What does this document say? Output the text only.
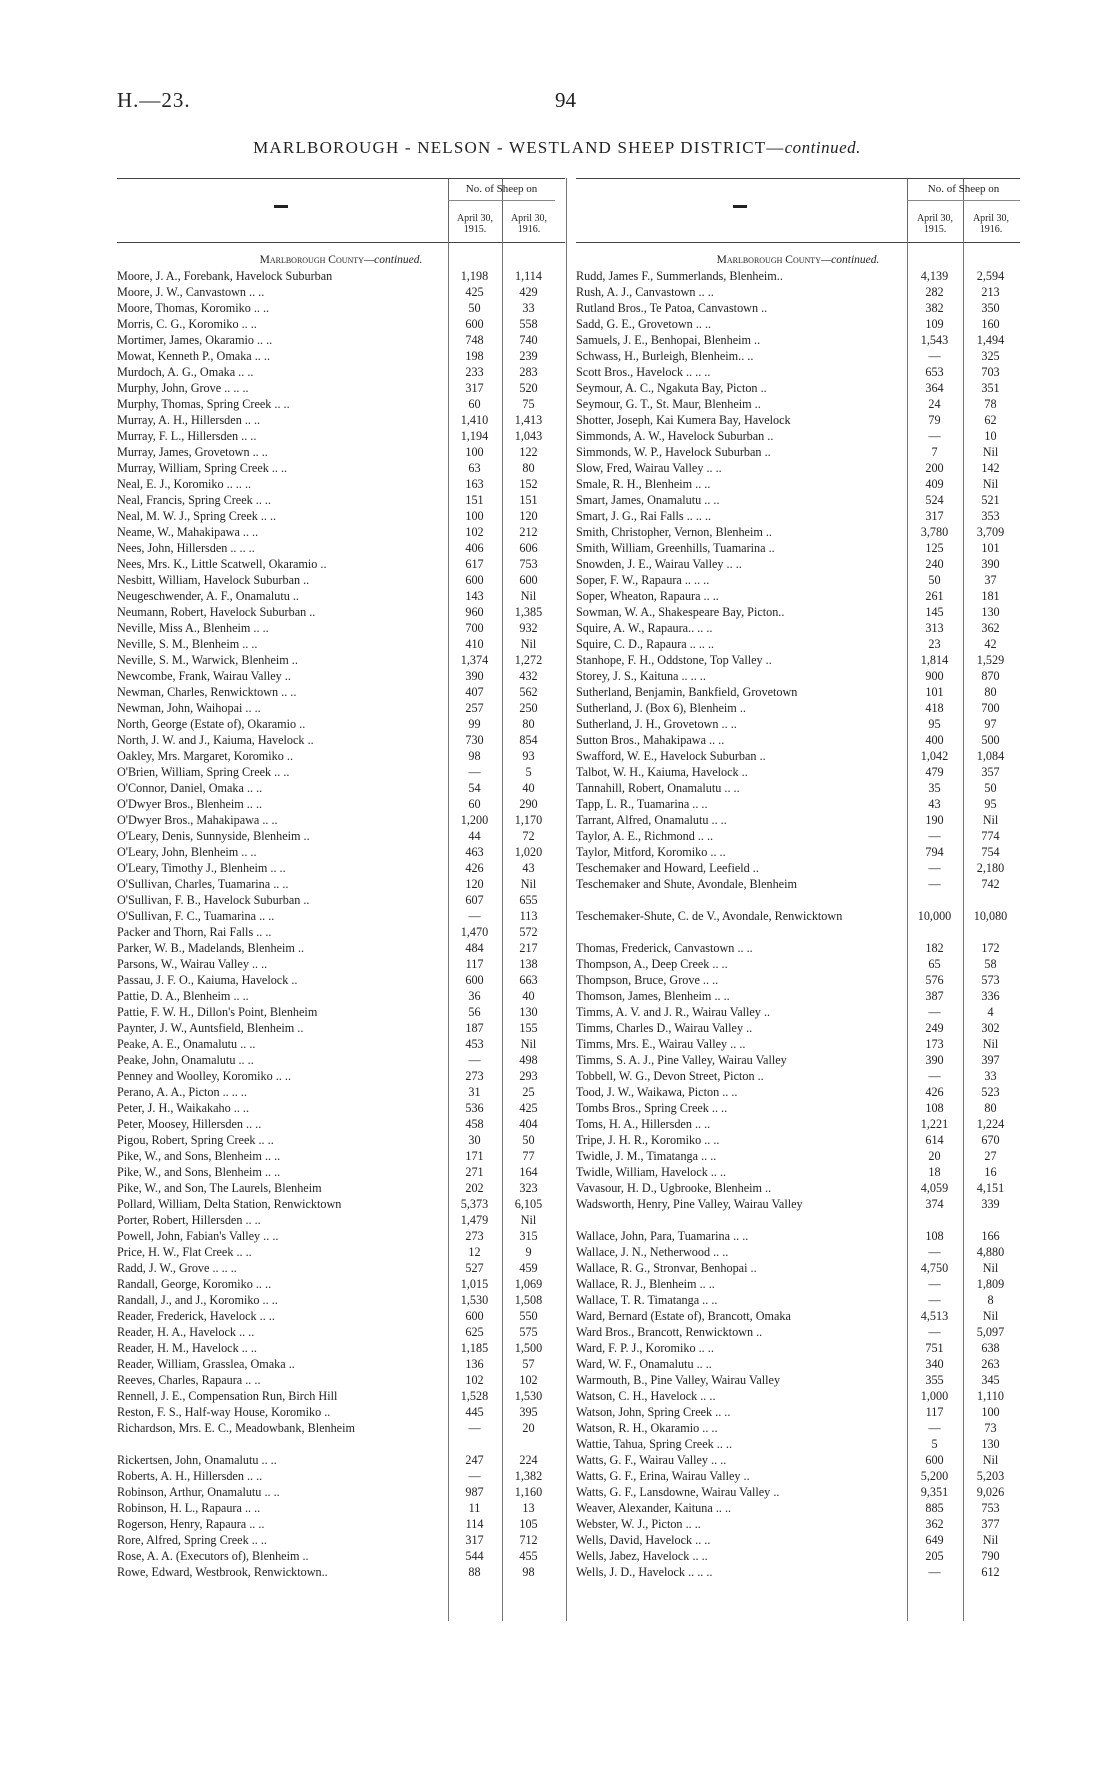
H.—23.	94
MARLBOROUGH - NELSON - WESTLAND SHEEP DISTRICT—continued.
No. of Sheep on
April 30,
1915.
April 30,
1916.
Marlborough County—continued.
Moore, J. A., Forebank, Havelock Suburban	1,198	1,114
Moore, J. W., Canvastown .. ..	425	429
Moore, Thomas, Koromiko .. ..	50	33
Morris, C. G., Koromiko .. ..	600	558
Mortimer, James, Okaramio .. ..	748	740
Mowat, Kenneth P., Omaka .. ..	198	239
Murdoch, A. G., Omaka .. ..	233	283
Murphy, John, Grove .. .. ..	317	520
Murphy, Thomas, Spring Creek .. ..	60	75
Murray, A. H., Hillersden .. ..	1,410	1,413
Murray, F. L., Hillersden .. ..	1,194	1,043
Murray, James, Grovetown .. ..	100	122
Murray, William, Spring Creek .. ..	63	80
Neal, E. J., Koromiko .. .. ..	163	152
Neal, Francis, Spring Creek .. ..	151	151
Neal, M. W. J., Spring Creek .. ..	100	120
Neame, W., Mahakipawa .. ..	102	212
Nees, John, Hillersden .. .. ..	406	606
Nees, Mrs. K., Little Scatwell, Okaramio ..	617	753
Nesbitt, William, Havelock Suburban ..	600	600
Neugeschwender, A. F., Onamalutu ..	143	Nil
Neumann, Robert, Havelock Suburban ..	960	1,385
Neville, Miss A., Blenheim .. ..	700	932
Neville, S. M., Blenheim .. ..	410	Nil
Neville, S. M., Warwick, Blenheim ..	1,374	1,272
Newcombe, Frank, Wairau Valley ..	390	432
Newman, Charles, Renwicktown .. ..	407	562
Newman, John, Waihopai .. ..	257	250
North, George (Estate of), Okaramio ..	99	80
North, J. W. and J., Kaiuma, Havelock ..	730	854
Oakley, Mrs. Margaret, Koromiko ..	98	93
O'Brien, William, Spring Creek .. ..	—	5
O'Connor, Daniel, Omaka .. ..	54	40
O'Dwyer Bros., Blenheim .. ..	60	290
O'Dwyer Bros., Mahakipawa .. ..	1,200	1,170
O'Leary, Denis, Sunnyside, Blenheim ..	44	72
O'Leary, John, Blenheim .. ..	463	1,020
O'Leary, Timothy J., Blenheim .. ..	426	43
O'Sullivan, Charles, Tuamarina .. ..	120	Nil
O'Sullivan, F. B., Havelock Suburban ..	607	655
O'Sullivan, F. C., Tuamarina .. ..	—	113
Packer and Thorn, Rai Falls .. ..	1,470	572
Parker, W. B., Madelands, Blenheim ..	484	217
Parsons, W., Wairau Valley .. ..	117	138
Passau, J. F. O., Kaiuma, Havelock ..	600	663
Pattie, D. A., Blenheim .. ..	36	40
Pattie, F. W. H., Dillon's Point, Blenheim	56	130
Paynter, J. W., Auntsfield, Blenheim ..	187	155
Peake, A. E., Onamalutu .. ..	453	Nil
Peake, John, Onamalutu .. ..	—	498
Penney and Woolley, Koromiko .. ..	273	293
Perano, A. A., Picton .. .. ..	31	25
Peter, J. H., Waikakaho .. ..	536	425
Peter, Moosey, Hillersden .. ..	458	404
Pigou, Robert, Spring Creek .. ..	30	50
Pike, W., and Sons, Blenheim .. ..	171	77
Pike, W., and Sons, Blenheim .. ..	271	164
Pike, W., and Son, The Laurels, Blenheim	202	323
Pollard, William, Delta Station, Renwicktown	5,373	6,105
Porter, Robert, Hillersden .. ..	1,479	Nil
Powell, John, Fabian's Valley .. ..	273	315
Price, H. W., Flat Creek .. ..	12	9
Radd, J. W., Grove .. .. ..	527	459
Randall, George, Koromiko .. ..	1,015	1,069
Randall, J., and J., Koromiko .. ..	1,530	1,508
Reader, Frederick, Havelock .. ..	600	550
Reader, H. A., Havelock .. ..	625	575
Reader, H. M., Havelock .. ..	1,185	1,500
Reader, William, Grasslea, Omaka ..	136	57
Reeves, Charles, Rapaura .. ..	102	102
Rennell, J. E., Compensation Run, Birch Hill	1,528	1,530
Reston, F. S., Half-way House, Koromiko ..	445	395
Richardson, Mrs. E. C., Meadowbank, Blenheim	—	20
Rickertsen, John, Onamalutu .. ..	247	224
Roberts, A. H., Hillersden .. ..	—	1,382
Robinson, Arthur, Onamalutu .. ..	987	1,160
Robinson, H. L., Rapaura .. ..	11	13
Rogerson, Henry, Rapaura .. ..	114	105
Rore, Alfred, Spring Creek .. ..	317	712
Rose, A. A. (Executors of), Blenheim ..	544	455
Rowe, Edward, Westbrook, Renwicktown..	88	98
No. of Sheep on
April 30,
1915.
April 30,
1916.
Marlborough County—continued.
Rudd, James F., Summerlands, Blenheim..	4,139	2,594
Rush, A. J., Canvastown .. ..	282	213
Rutland Bros., Te Patoa, Canvastown ..	382	350
Sadd, G. E., Grovetown .. ..	109	160
Samuels, J. E., Benhopai, Blenheim ..	1,543	1,494
Schwass, H., Burleigh, Blenheim.. ..	—	325
Scott Bros., Havelock .. .. ..	653	703
Seymour, A. C., Ngakuta Bay, Picton ..	364	351
Seymour, G. T., St. Maur, Blenheim ..	24	78
Shotter, Joseph, Kai Kumera Bay, Havelock	79	62
Simmonds, A. W., Havelock Suburban ..	—	10
Simmonds, W. P., Havelock Suburban ..	7	Nil
Slow, Fred, Wairau Valley .. ..	200	142
Smale, R. H., Blenheim .. ..	409	Nil
Smart, James, Onamalutu .. ..	524	521
Smart, J. G., Rai Falls .. .. ..	317	353
Smith, Christopher, Vernon, Blenheim ..	3,780	3,709
Smith, William, Greenhills, Tuamarina ..	125	101
Snowden, J. E., Wairau Valley .. ..	240	390
Soper, F. W., Rapaura .. .. ..	50	37
Soper, Wheaton, Rapaura .. ..	261	181
Sowman, W. A., Shakespeare Bay, Picton..	145	130
Squire, A. W., Rapaura.. .. ..	313	362
Squire, C. D., Rapaura .. .. ..	23	42
Stanhope, F. H., Oddstone, Top Valley ..	1,814	1,529
Storey, J. S., Kaituna .. .. ..	900	870
Sutherland, Benjamin, Bankfield, Grovetown	101	80
Sutherland, J. (Box 6), Blenheim ..	418	700
Sutherland, J. H., Grovetown .. ..	95	97
Sutton Bros., Mahakipawa .. ..	400	500
Swafford, W. E., Havelock Suburban ..	1,042	1,084
Talbot, W. H., Kaiuma, Havelock ..	479	357
Tannahill, Robert, Onamalutu .. ..	35	50
Tapp, L. R., Tuamarina .. ..	43	95
Tarrant, Alfred, Onamalutu .. ..	190	Nil
Taylor, A. E., Richmond .. ..	—	774
Taylor, Mitford, Koromiko .. ..	794	754
Teschemaker and Howard, Leefield ..	—	2,180
Teschemaker and Shute, Avondale, Blenheim	—	742
Teschemaker-Shute, C. de V., Avondale, Renwicktown	10,000	10,080
Thomas, Frederick, Canvastown .. ..	182	172
Thompson, A., Deep Creek .. ..	65	58
Thompson, Bruce, Grove .. ..	576	573
Thomson, James, Blenheim .. ..	387	336
Timms, A. V. and J. R., Wairau Valley ..	—	4
Timms, Charles D., Wairau Valley ..	249	302
Timms, Mrs. E., Wairau Valley .. ..	173	Nil
Timms, S. A. J., Pine Valley, Wairau Valley	390	397
Tobbell, W. G., Devon Street, Picton ..	—	33
Tood, J. W., Waikawa, Picton .. ..	426	523
Tombs Bros., Spring Creek .. ..	108	80
Toms, H. A., Hillersden .. ..	1,221	1,224
Tripe, J. H. R., Koromiko .. ..	614	670
Twidle, J. M., Timatanga .. ..	20	27
Twidle, William, Havelock .. ..	18	16
Vavasour, H. D., Ugbrooke, Blenheim ..	4,059	4,151
Wadsworth, Henry, Pine Valley, Wairau Valley	374	339
Wallace, John, Para, Tuamarina .. ..	108	166
Wallace, J. N., Netherwood .. ..	—	4,880
Wallace, R. G., Stronvar, Benhopai ..	4,750	Nil
Wallace, R. J., Blenheim .. ..	—	1,809
Wallace, T. R. Timatanga .. ..	—	8
Ward, Bernard (Estate of), Brancott, Omaka	4,513	Nil
Ward Bros., Brancott, Renwicktown ..	—	5,097
Ward, F. P. J., Koromiko .. ..	751	638
Ward, W. F., Onamalutu .. ..	340	263
Warmouth, B., Pine Valley, Wairau Valley	355	345
Watson, C. H., Havelock .. ..	1,000	1,110
Watson, John, Spring Creek .. ..	117	100
Watson, R. H., Okaramio .. ..	—	73
Wattie, Tahua, Spring Creek .. ..	5	130
Watts, G. F., Wairau Valley .. ..	600	Nil
Watts, G. F., Erina, Wairau Valley ..	5,200	5,203
Watts, G. F., Lansdowne, Wairau Valley ..	9,351	9,026
Weaver, Alexander, Kaituna .. ..	885	753
Webster, W. J., Picton .. ..	362	377
Wells, David, Havelock .. ..	649	Nil
Wells, Jabez, Havelock .. ..	205	790
Wells, J. D., Havelock .. .. ..	—	612
